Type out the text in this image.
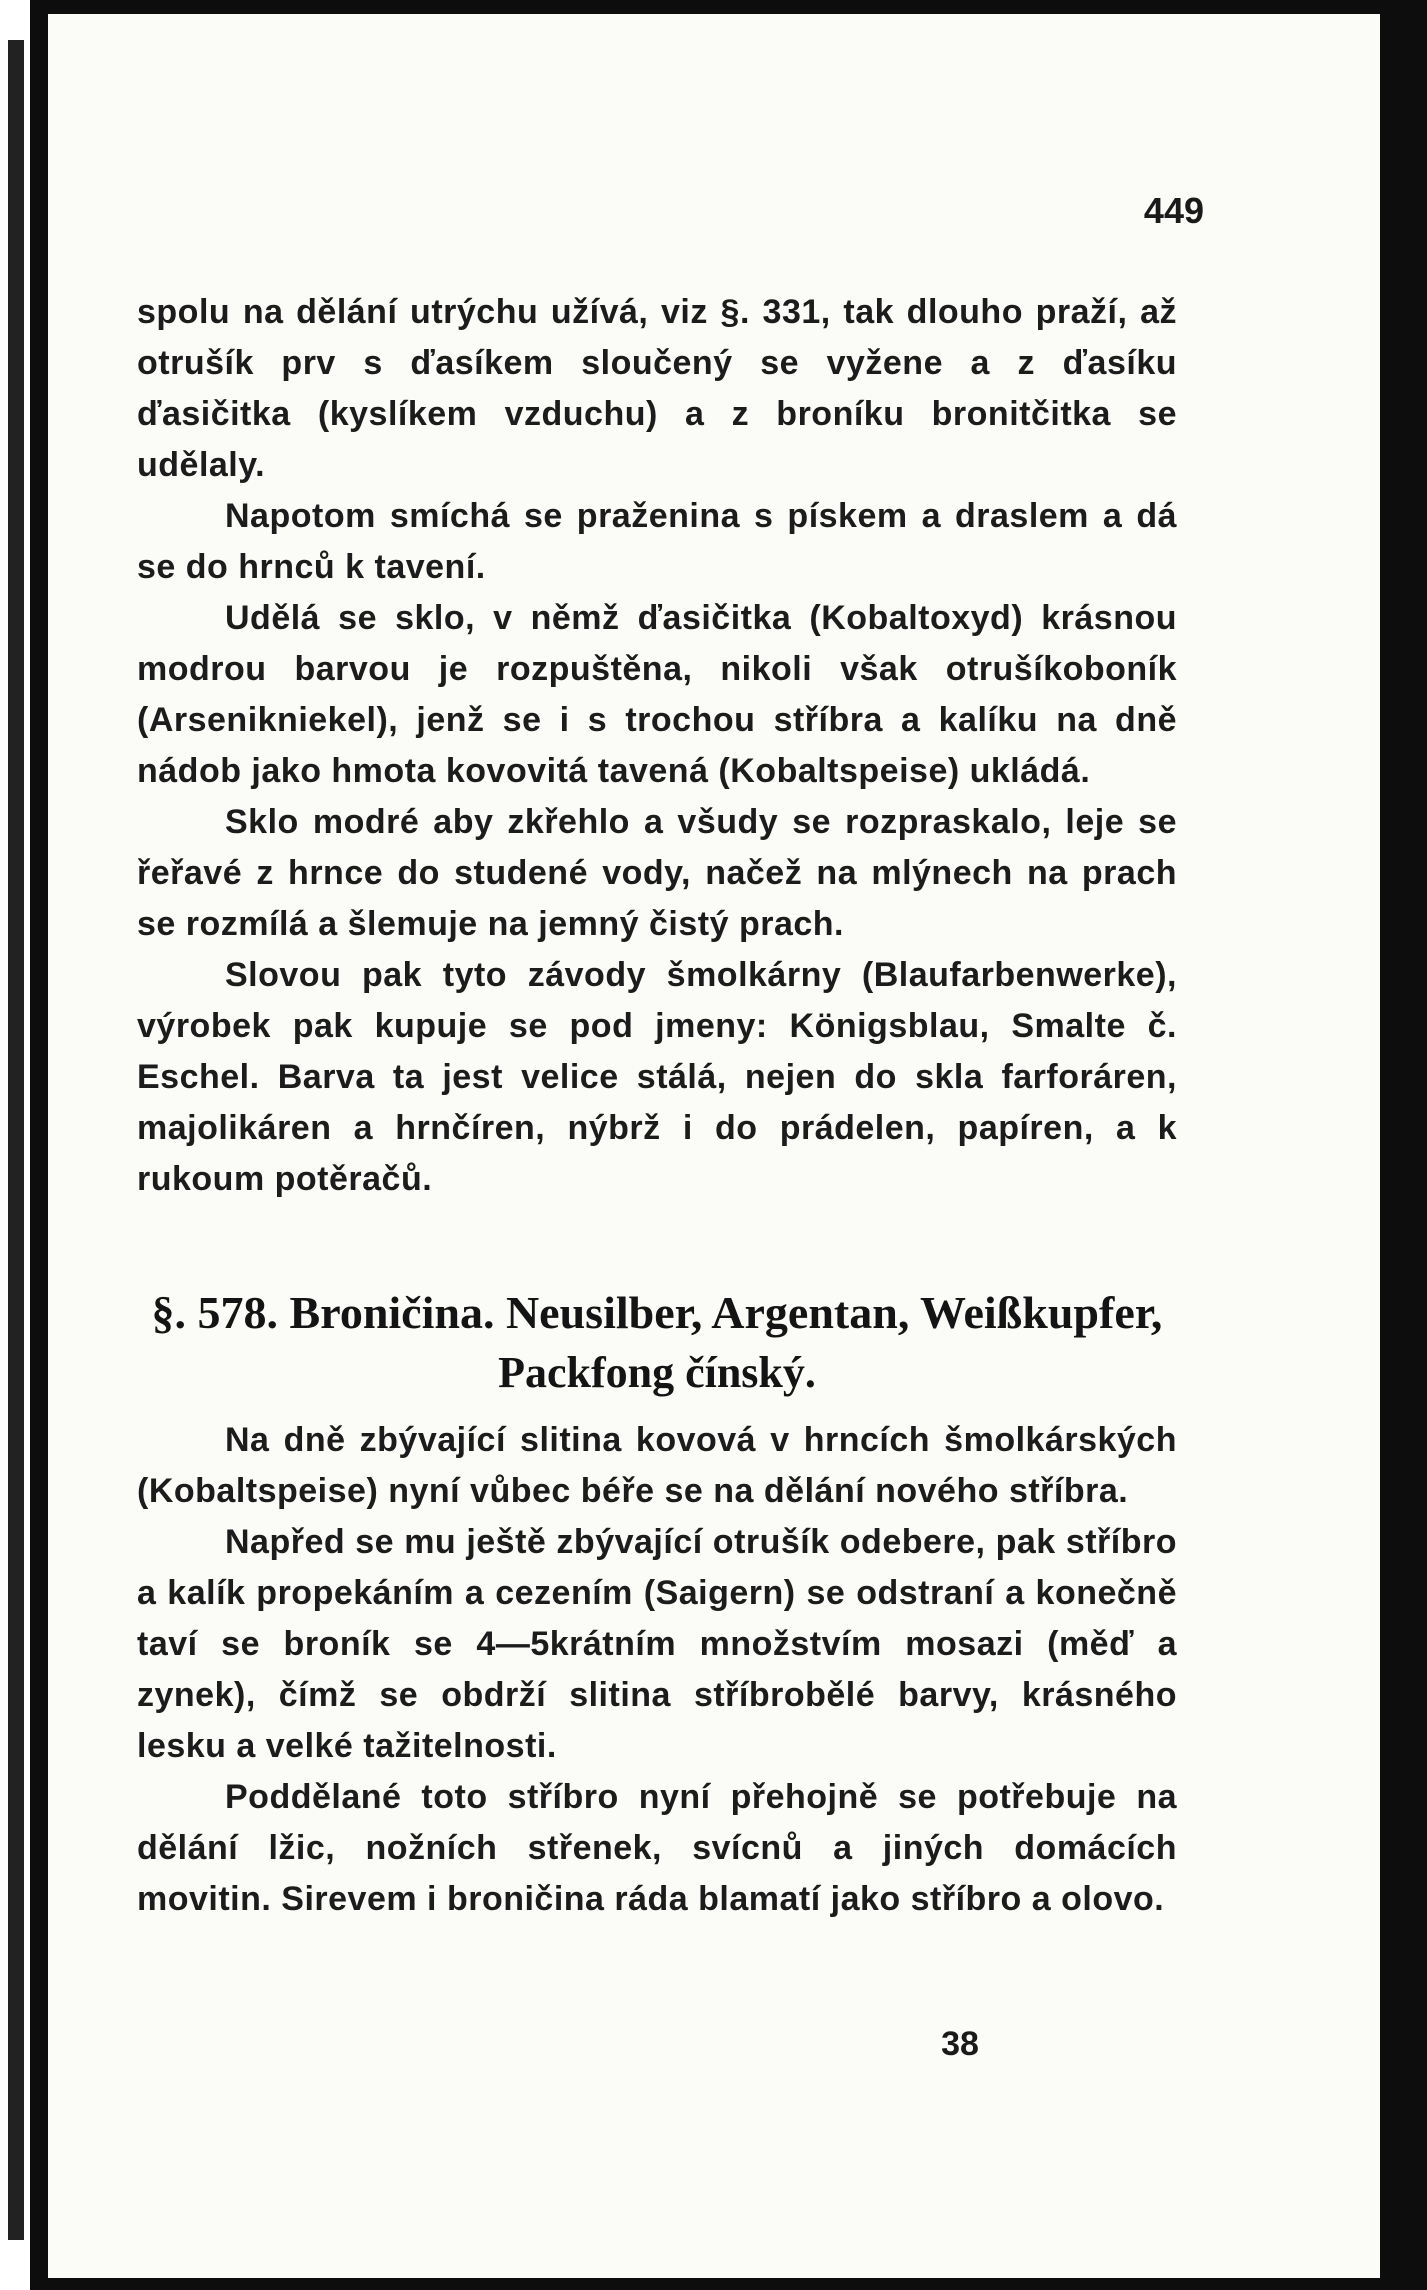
449

spolu na dělání utrýchu užívá, viz §. 331, tak dlouho praží, až otrušík prv s ďasíkem sloučený se vyžene a z ďasíku ďasičitka (kyslíkem vzduchu) a z broníku bronitčitka se udělaly.

Napotom smíchá se praženina s pískem a draslem a dá se do hrnců k tavení.

Udělá se sklo, v němž ďasičitka (Kobaltoxyd) krásnou modrou barvou je rozpuštěna, nikoli však otrušíkoboník (Arsenikniekel), jenž se i s trochou stříbra a kalíku na dně nádob jako hmota kovovitá tavená (Kobaltspeise) ukládá.

Sklo modré aby zkřehlo a všudy se rozpraskalo, leje se řeřavé z hrnce do studené vody, načež na mlýnech na prach se rozmílá a šlemuje na jemný čistý prach.

Slovou pak tyto závody šmolkárny (Blaufarbenwerke), výrobek pak kupuje se pod jmeny: Königsblau, Smalte č. Eschel. Barva ta jest velice stálá, nejen do skla farforáren, majolikáren a hrnčíren, nýbrž i do prádelen, papíren, a k rukoum potěračů.

§. 578. Broničina. Neusilber, Argentan, Weißkupfer,
Packfong čínský.

Na dně zbývající slitina kovová v hrncích šmolkárských (Kobaltspeise) nyní vůbec béře se na dělání nového stříbra.

Napřed se mu ještě zbývající otrušík odebere, pak stříbro a kalík propekáním a cezením (Saigern) se odstraní a konečně taví se broník se 4—5krátním množstvím mosazi (měď a zynek), čímž se obdrží slitina stříbrobělé barvy, krásného lesku a velké tažitelnosti.

Poddělané toto stříbro nyní přehojně se potřebuje na dělání lžic, nožních střenek, svícnů a jiných domácích movitin. Sirevem i broničina ráda blamatí jako stříbro a olovo.

38
